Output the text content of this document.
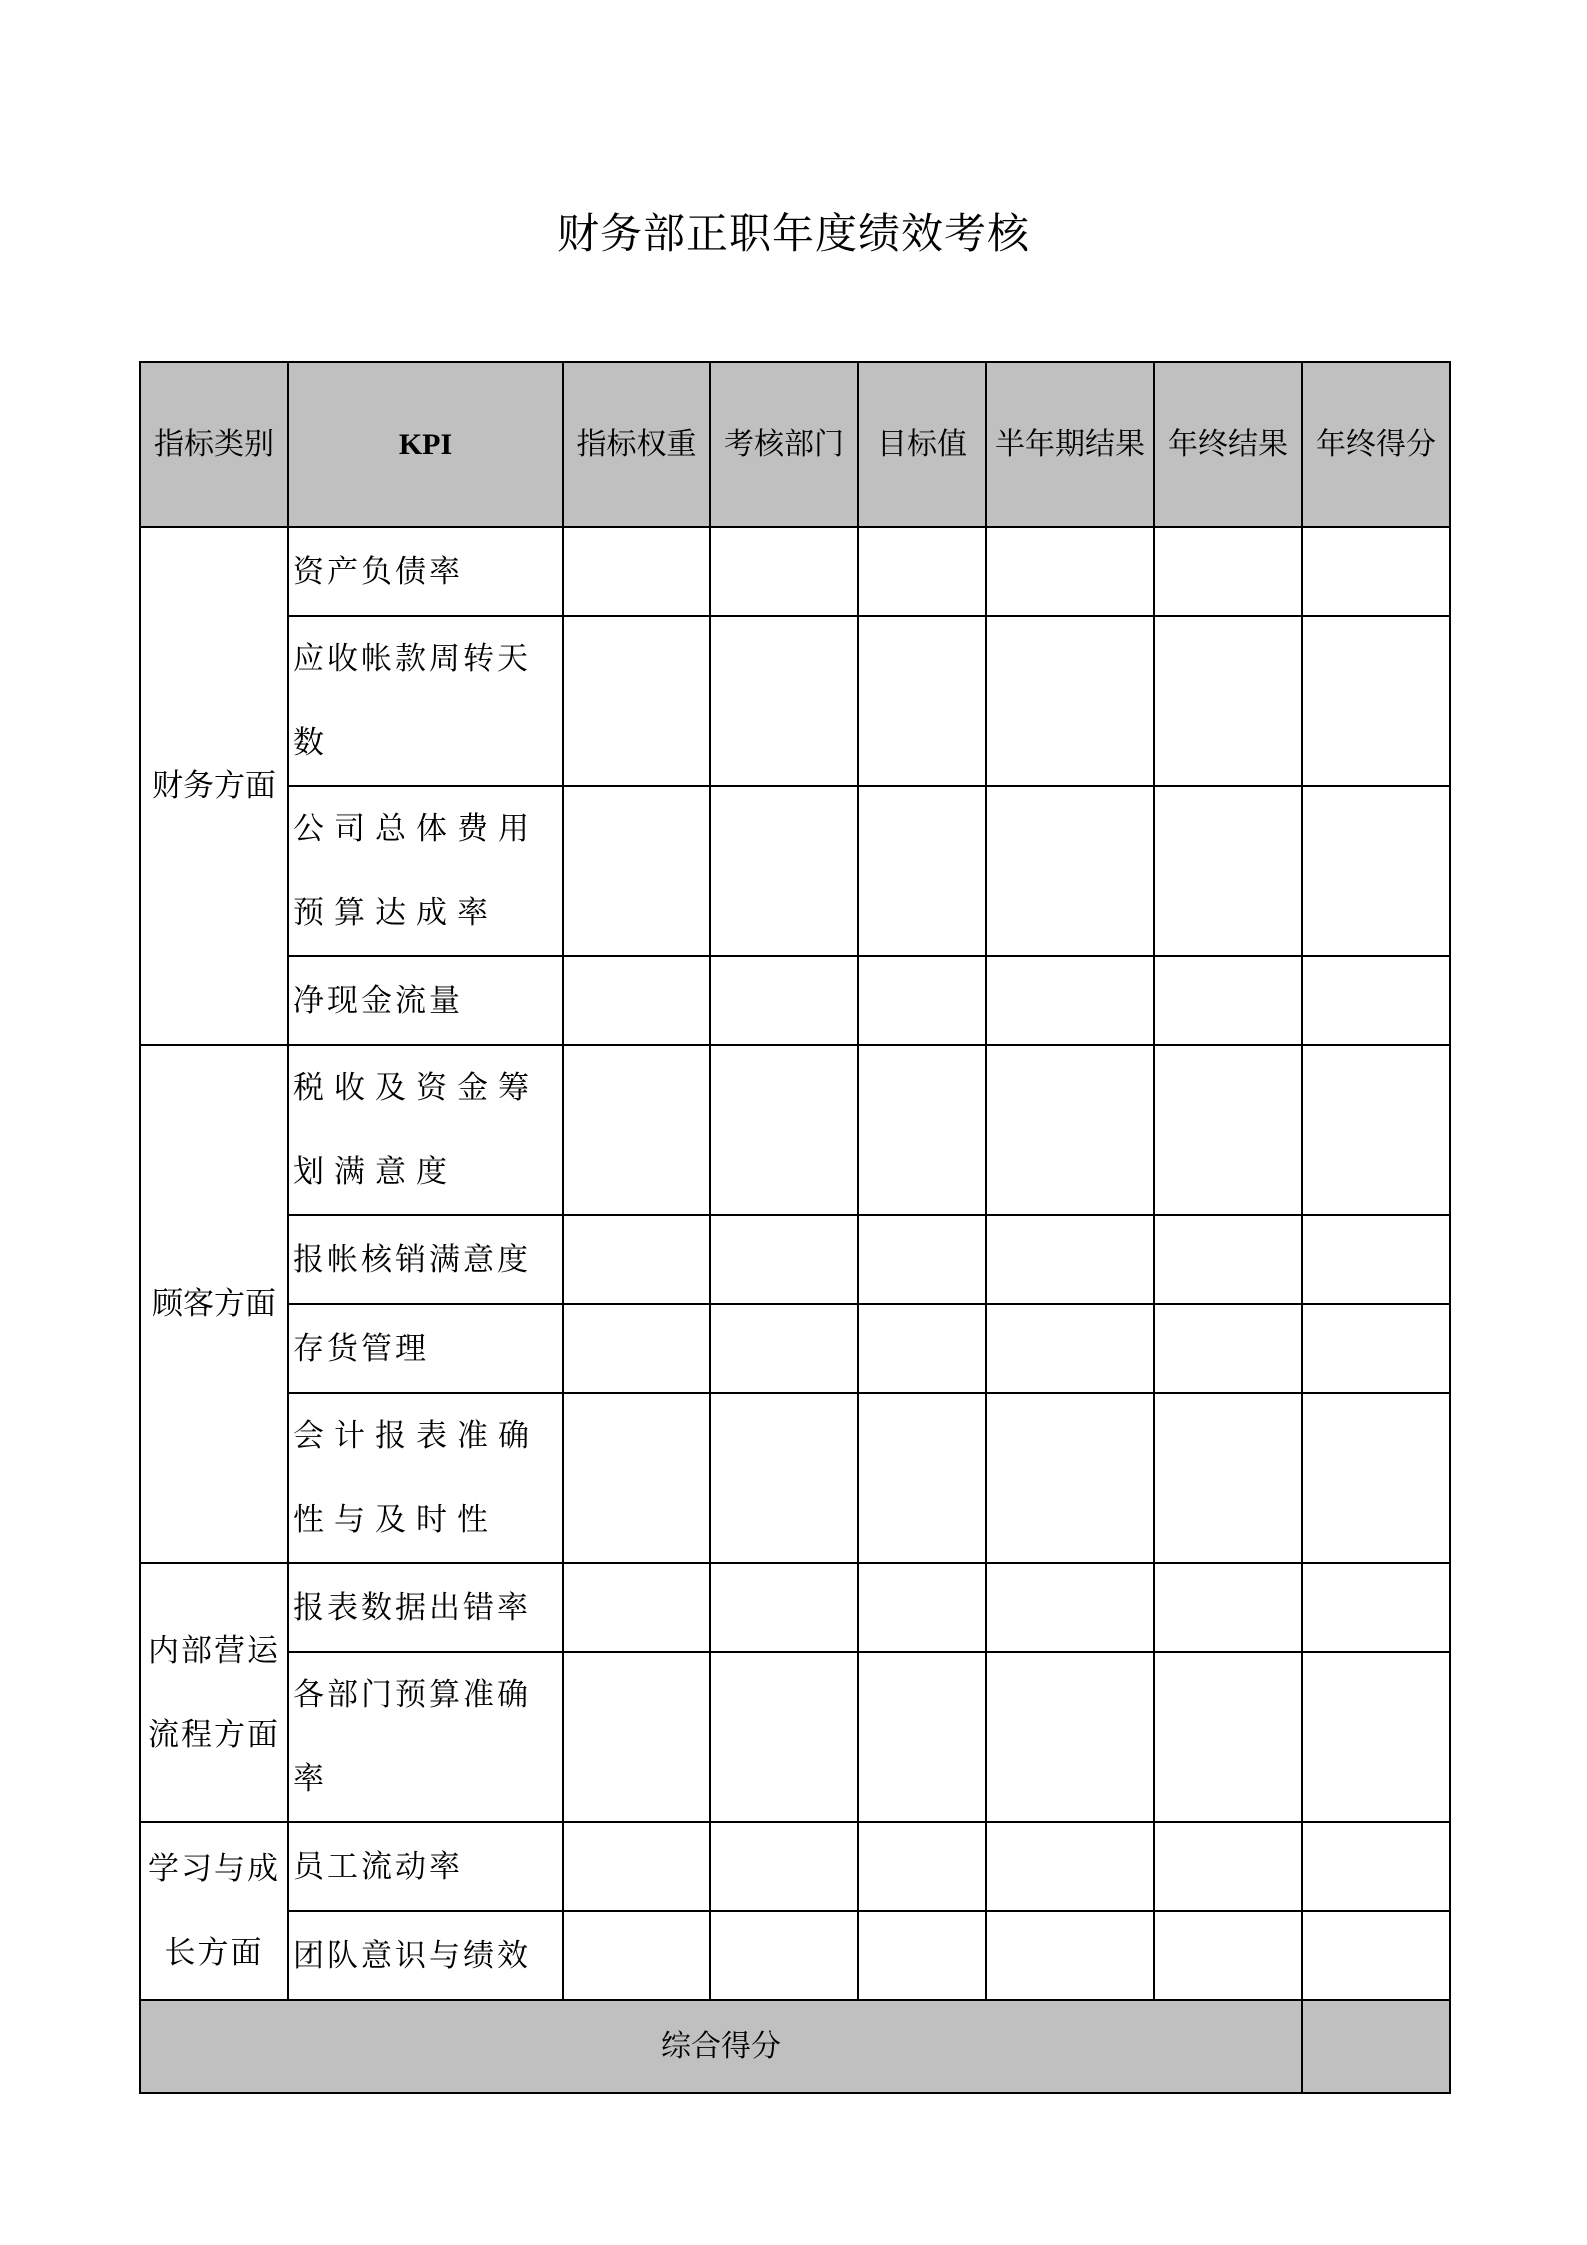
财务部正职年度绩效考核
指标类别	KPI	指标权重	考核部门	目标值	半年期结果	年终结果	年终得分
财务方面	资产负债率						
	应收帐款周转天数						
	公司总体费用预算达成率						
	净现金流量						

顾客方面	税收及资金筹划满意度						
	报帐核销满意度						
	存货管理						
	会计报表准确性与及时性						
内部营运流程方面	报表数据出错率						
	各部门预算准确率						
学习与成长方面	员工流动率						
	团队意识与绩效						
综合得分							
